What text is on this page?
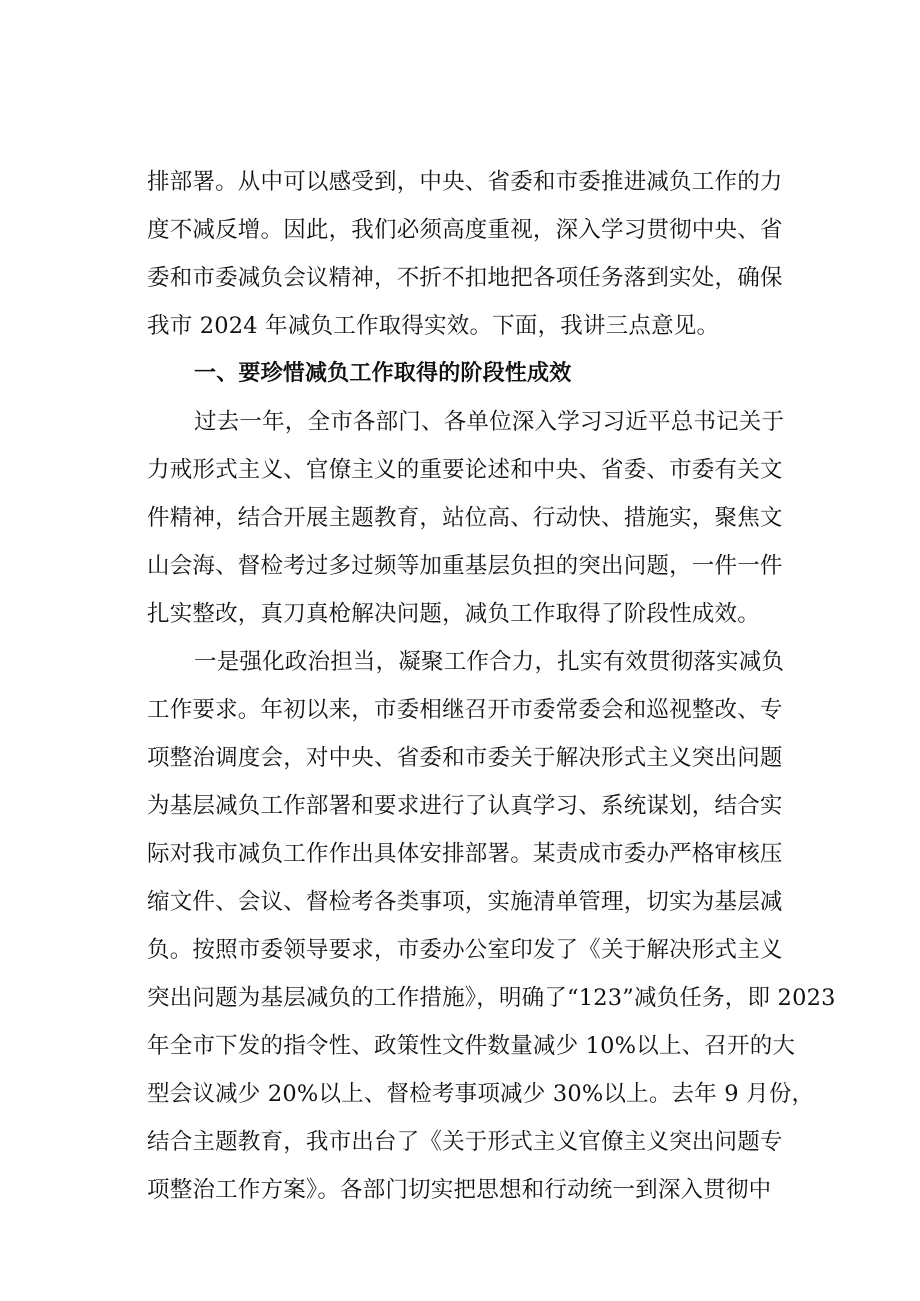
排部署。从中可以感受到，中央、省委和市委推进减负工作的力
度不减反增。因此，我们必须高度重视，深入学习贯彻中央、省
委和市委减负会议精神，不折不扣地把各项任务落到实处，确保
我市 2024 年减负工作取得实效。下面，我讲三点意见。
一、要珍惜减负工作取得的阶段性成效
过去一年，全市各部门、各单位深入学习习近平总书记关于
力戒形式主义、官僚主义的重要论述和中央、省委、市委有关文
件精神，结合开展主题教育，站位高、行动快、措施实，聚焦文
山会海、督检考过多过频等加重基层负担的突出问题，一件一件
扎实整改，真刀真枪解决问题，减负工作取得了阶段性成效。
一是强化政治担当，凝聚工作合力，扎实有效贯彻落实减负
工作要求。年初以来，市委相继召开市委常委会和巡视整改、专
项整治调度会，对中央、省委和市委关于解决形式主义突出问题
为基层减负工作部署和要求进行了认真学习、系统谋划，结合实
际对我市减负工作作出具体安排部署。某责成市委办严格审核压
缩文件、会议、督检考各类事项，实施清单管理，切实为基层减
负。按照市委领导要求，市委办公室印发了《关于解决形式主义
突出问题为基层减负的工作措施》，明确了“123”减负任务，即 2023
年全市下发的指令性、政策性文件数量减少 10%以上、召开的大
型会议减少 20%以上、督检考事项减少 30%以上。去年 9 月份，
结合主题教育，我市出台了《关于形式主义官僚主义突出问题专
项整治工作方案》。各部门切实把思想和行动统一到深入贯彻中
